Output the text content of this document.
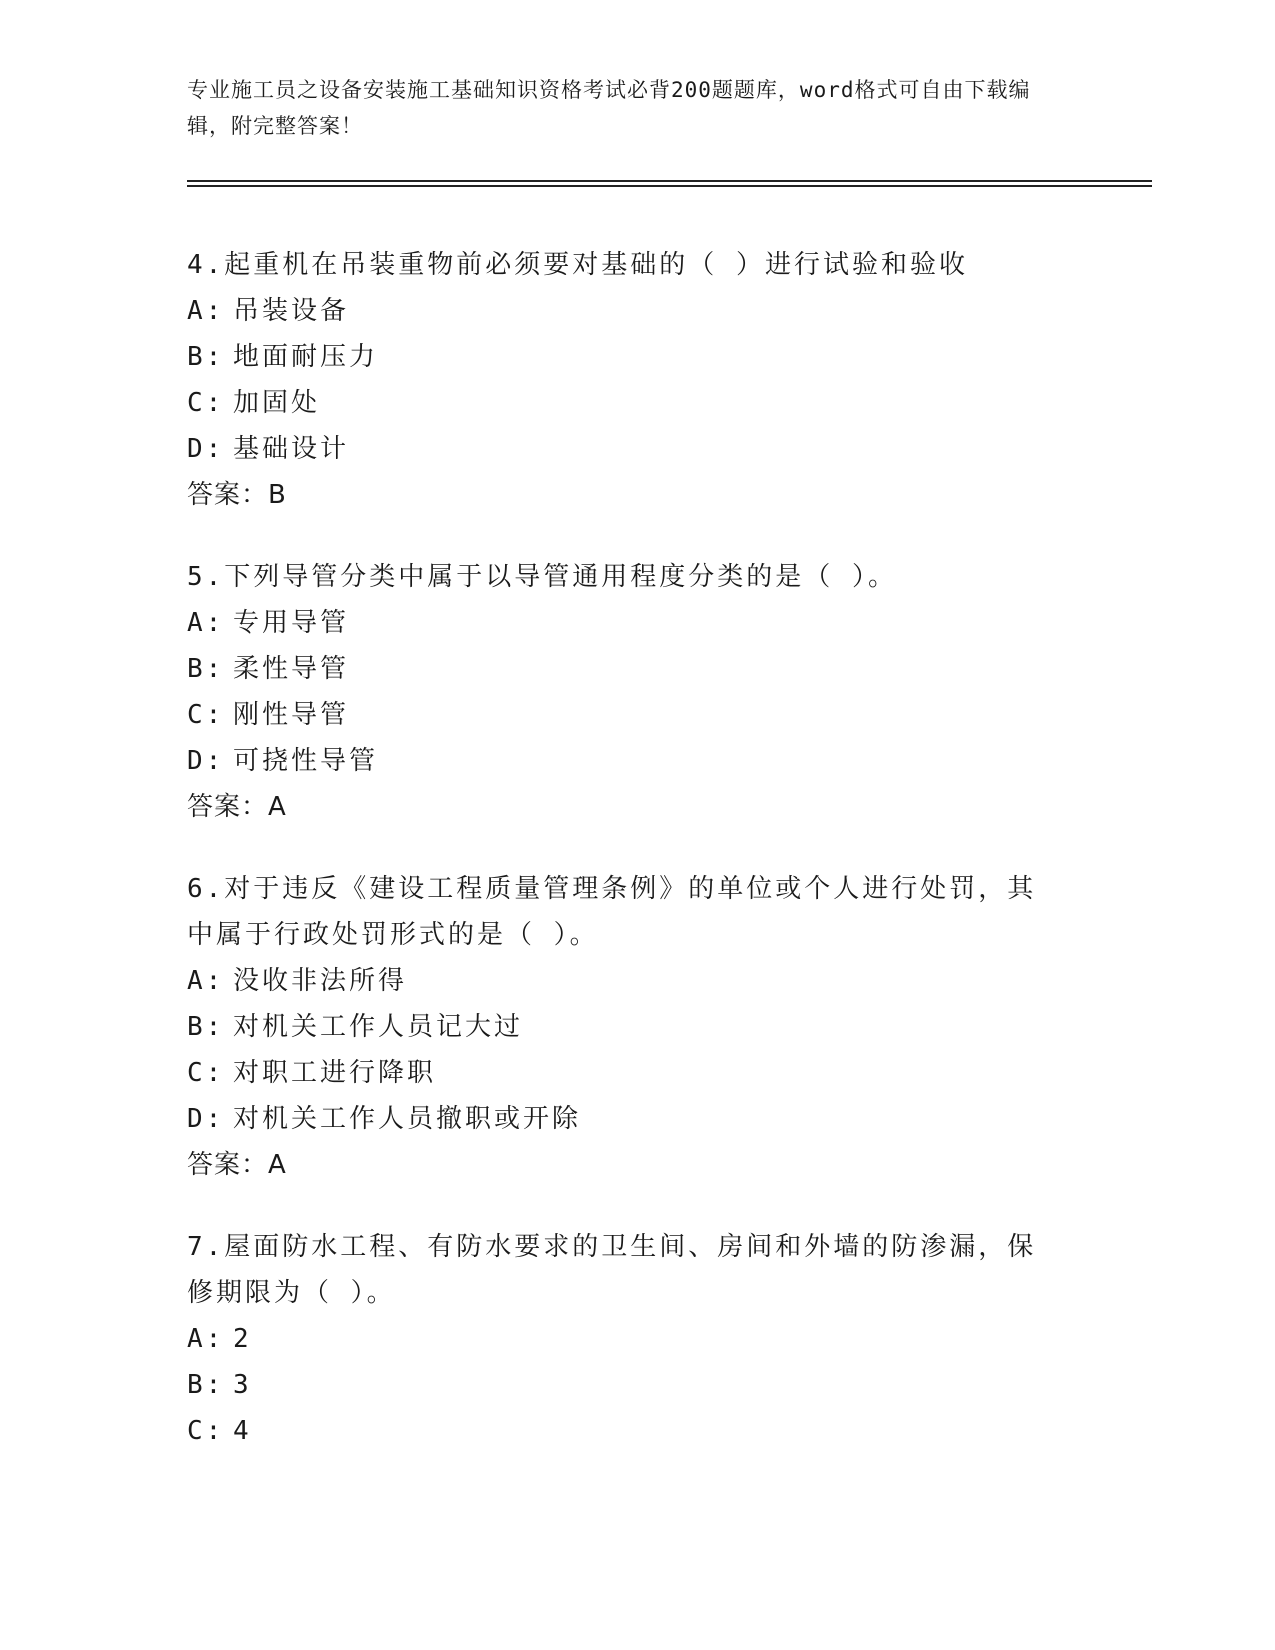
专业施工员之设备安装施工基础知识资格考试必背200题题库，word格式可自由下载编辑，附完整答案！

4.起重机在吊装重物前必须要对基础的（ ）进行试验和验收

A: 吊装设备

B: 地面耐压力

C: 加固处

D: 基础设计

答案：B

5.下列导管分类中属于以导管通用程度分类的是（ ）。

A: 专用导管

B: 柔性导管

C: 刚性导管

D: 可挠性导管

答案：A

6.对于违反《建设工程质量管理条例》的单位或个人进行处罚，其中属于行政处罚形式的是（ ）。

A: 没收非法所得

B: 对机关工作人员记大过

C: 对职工进行降职

D: 对机关工作人员撤职或开除

答案：A

7.屋面防水工程、有防水要求的卫生间、房间和外墙的防渗漏，保修期限为（ ）。

A: 2

B: 3

C: 4
